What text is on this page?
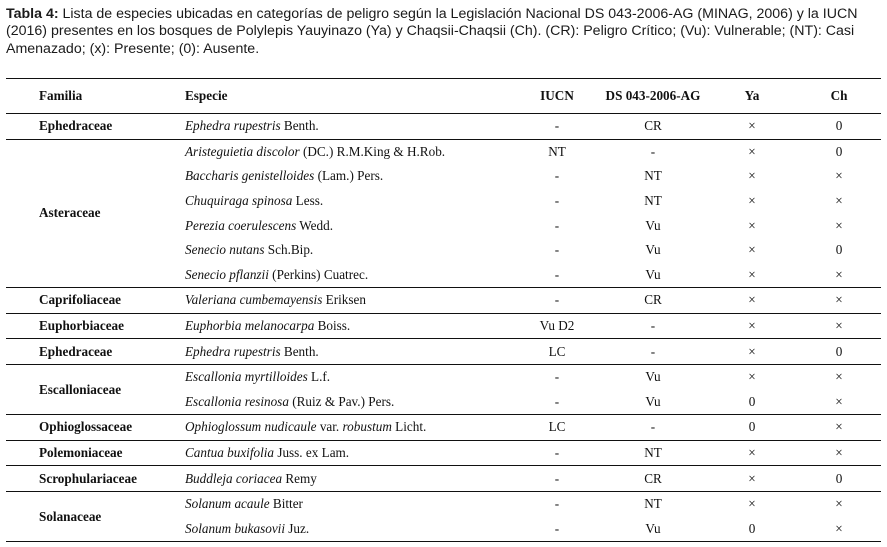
Tabla 4: Lista de especies ubicadas en categorías de peligro según la Legislación Nacional DS 043-2006-AG (MINAG, 2006) y la IUCN (2016) presentes en los bosques de Polylepis Yauyinazo (Ya) y Chaqsii-Chaqsii (Ch). (CR): Peligro Crítico; (Vu): Vulnerable; (NT): Casi Amenazado; (x): Presente; (0): Ausente.
Familia	Especie	IUCN	DS 043-2006-AG	Ya	Ch
Ephedraceae	Ephedra rupestris Benth.	-	CR	×	0
Asteraceae	Aristeguietia discolor (DC.) R.M.King & H.Rob.	NT	-	×	0
	Baccharis genistelloides (Lam.) Pers.	-	NT	×	×
	Chuquiraga spinosa Less.	-	NT	×	×
	Perezia coerulescens Wedd.	-	Vu	×	×
	Senecio nutans Sch.Bip.	-	Vu	×	0
	Senecio pflanzii (Perkins) Cuatrec.	-	Vu	×	×
Caprifoliaceae	Valeriana cumbemayensis Eriksen	-	CR	×	×
Euphorbiaceae	Euphorbia melanocarpa Boiss.	Vu D2	-	×	×
Ephedraceae	Ephedra rupestris Benth.	LC	-	×	0
Escalloniaceae	Escallonia myrtilloides L.f.	-	Vu	×	×
	Escallonia resinosa (Ruiz & Pav.) Pers.	-	Vu	0	×
Ophioglossaceae	Ophioglossum nudicaule var. robustum Licht.	LC	-	0	×
Polemoniaceae	Cantua buxifolia Juss. ex Lam.	-	NT	×	×
Scrophulariaceae	Buddleja coriacea Remy	-	CR	×	0
Solanaceae	Solanum acaule Bitter	-	NT	×	×
	Solanum bukasovii Juz.	-	Vu	0	×
